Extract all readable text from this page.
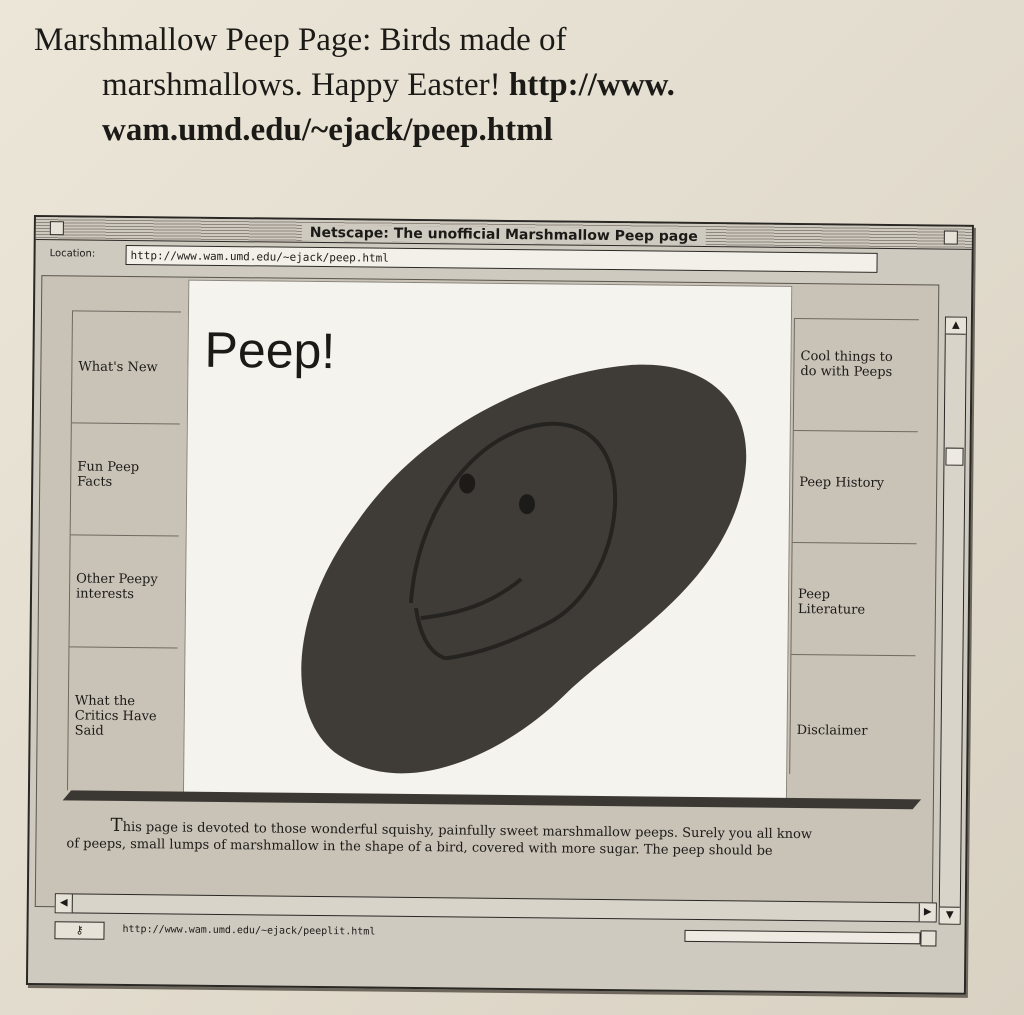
Marshmallow Peep Page: Birds made of
marshmallows. Happy Easter! http://www.
wam.umd.edu/~ejack/peep.html
Netscape: The unofficial Marshmallow Peep page
Location:	http://www.wam.umd.edu/~ejack/peep.html
What's New
Fun Peep Facts
Other Peepy interests
What the Critics Have Said
Peep!	Cool things to do with Peeps
Peep History
Peep Literature
Disclaimer
This page is devoted to those wonderful squishy, painfully sweet marshmallow peeps. Surely you all know
of peeps, small lumps of marshmallow in the shape of a bird, covered with more sugar. The peep should be
▲
▼
◀
▶
⚷	http://www.wam.umd.edu/~ejack/peeplit.html
